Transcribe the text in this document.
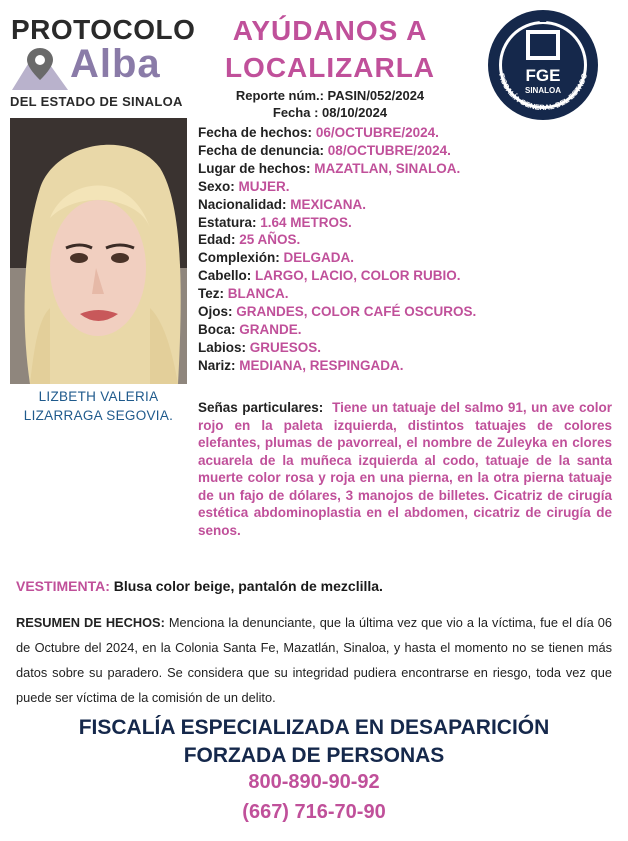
PROTOCOLO
Alba
DEL ESTADO DE SINALOA
AYÚDANOS A
LOCALIZARLA
Reporte núm.: PASIN/052/2024
Fecha : 08/10/2024
FGE
SINALOA
FISCALÍA GENERAL DEL ESTADO
LIZBETH VALERIA
LIZARRAGA SEGOVIA.
Fecha de hechos: 06/OCTUBRE/2024.
Fecha de denuncia: 08/OCTUBRE/2024.
Lugar de hechos: MAZATLAN, SINALOA.
Sexo: MUJER.
Nacionalidad: MEXICANA.
Estatura: 1.64 METROS.
Edad: 25 AÑOS.
Complexión: DELGADA.
Cabello: LARGO, LACIO, COLOR RUBIO.
Tez: BLANCA.
Ojos: GRANDES, COLOR CAFÉ OSCUROS.
Boca: GRANDE.
Labios: GRUESOS.
Nariz: MEDIANA, RESPINGADA.
Señas particulares: Tiene un tatuaje del salmo 91, un ave color rojo en la paleta izquierda, distintos tatuajes de colores elefantes, plumas de pavorreal, el nombre de Zuleyka en clores acuarela de la muñeca izquierda al codo, tatuaje de la santa muerte color rosa y roja en una pierna, en la otra pierna tatuaje de un fajo de dólares, 3 manojos de billetes. Cicatriz de cirugía estética abdominoplastia en el abdomen, cicatriz de cirugía de senos.
VESTIMENTA: Blusa color beige, pantalón de mezclilla.
RESUMEN DE HECHOS: Menciona la denunciante, que la última vez que vio a la víctima, fue el día 06 de Octubre del 2024, en la Colonia Santa Fe, Mazatlán, Sinaloa, y hasta el momento no se tienen más datos sobre su paradero. Se considera que su integridad pudiera encontrarse en riesgo, toda vez que puede ser víctima de la comisión de un delito.
FISCALÍA ESPECIALIZADA EN DESAPARICIÓN
FORZADA DE PERSONAS
800-890-90-92
(667) 716-70-90
